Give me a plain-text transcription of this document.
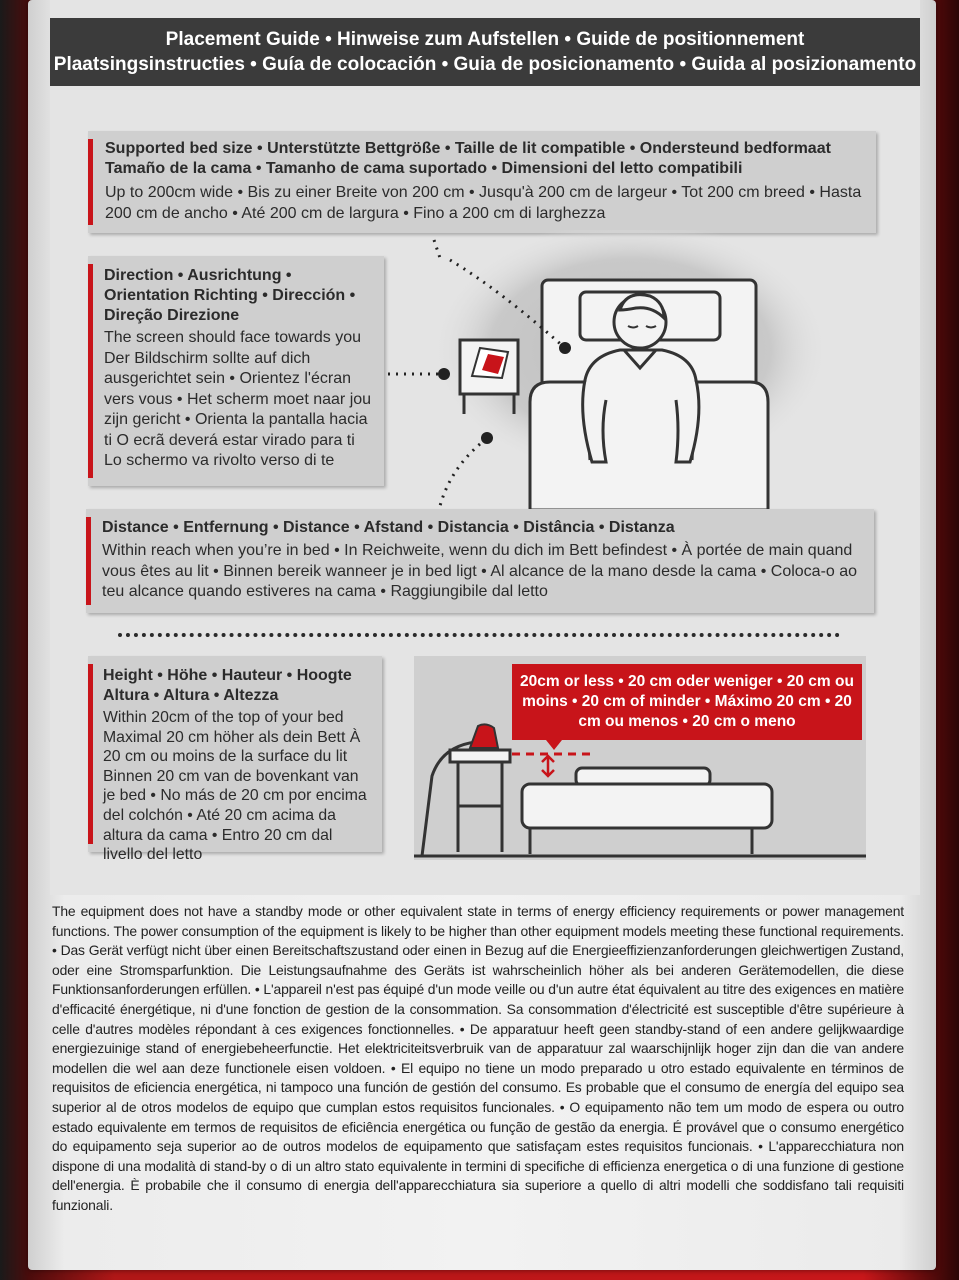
Placement Guide • Hinweise zum Aufstellen • Guide de positionnement
Plaatsingsinstructies • Guía de colocación • Guia de posicionamento • Guida al posizionamento
Supported bed size • Unterstützte Bettgröße • Taille de lit compatible • Ondersteund bedformaat Tamaño de la cama • Tamanho de cama suportado • Dimensioni del letto compatibili
Up to 200cm wide • Bis zu einer Breite von 200 cm • Jusqu'à 200 cm de largeur • Tot 200 cm breed • Hasta 200 cm de ancho • Até 200 cm de largura • Fino a 200 cm di larghezza
Direction • Ausrichtung • Orientation Richting • Dirección • Direção Direzione
The screen should face towards you Der Bildschirm sollte auf dich ausgerichtet sein • Orientez l'écran vers vous • Het scherm moet naar jou zijn gericht • Orienta la pantalla hacia ti O ecrã deverá estar virado para ti Lo schermo va rivolto verso di te
Distance • Entfernung • Distance • Afstand • Distancia • Distância • Distanza
Within reach when you’re in bed • In Reichweite, wenn du dich im Bett befindest • À portée de main quand vous êtes au lit • Binnen bereik wanneer je in bed ligt • Al alcance de la mano desde la cama • Coloca-o ao teu alcance quando estiveres na cama • Raggiungibile dal letto
Height • Höhe • Hauteur • Hoogte Altura • Altura • Altezza
Within 20cm of the top of your bed Maximal 20 cm höher als dein Bett À 20 cm ou moins de la surface du lit Binnen 20 cm van de bovenkant van je bed • No más de 20 cm por encima del colchón • Até 20 cm acima da altura da cama • Entro 20 cm dal livello del letto
20cm or less • 20 cm oder weniger • 20 cm ou moins • 20 cm of minder • Máximo 20 cm • 20 cm ou menos • 20 cm o meno
The equipment does not have a standby mode or other equivalent state in terms of energy efficiency requirements or power management functions. The power consumption of the equipment is likely to be higher than other equipment models meeting these functional requirements. • Das Gerät verfügt nicht über einen Bereitschaftszustand oder einen in Bezug auf die Energieeffizienzanforderungen gleichwertigen Zustand, oder eine Stromsparfunktion. Die Leistungsaufnahme des Geräts ist wahrscheinlich höher als bei anderen Gerätemodellen, die diese Funktionsanforderungen erfüllen. • L'appareil n'est pas équipé d'un mode veille ou d'un autre état équivalent au titre des exigences en matière d'efficacité énergétique, ni d'une fonction de gestion de la consommation. Sa consommation d'électricité est susceptible d'être supérieure à celle d'autres modèles répondant à ces exigences fonctionnelles. • De apparatuur heeft geen standby-stand of een andere gelijkwaardige energiezuinige stand of energiebeheerfunctie. Het elektriciteitsverbruik van de apparatuur zal waarschijnlijk hoger zijn dan die van andere modellen die wel aan deze functionele eisen voldoen. • El equipo no tiene un modo preparado u otro estado equivalente en términos de requisitos de eficiencia energética, ni tampoco una función de gestión del consumo. Es probable que el consumo de energía del equipo sea superior al de otros modelos de equipo que cumplan estos requisitos funcionales. • O equipamento não tem um modo de espera ou outro estado equivalente em termos de requisitos de eficiência energética ou função de gestão da energia. É provável que o consumo energético do equipamento seja superior ao de outros modelos de equipamento que satisfaçam estes requisitos funcionais. • L'apparecchiatura non dispone di una modalità di stand-by o di un altro stato equivalente in termini di specifiche di efficienza energetica o di una funzione di gestione dell'energia. È probabile che il consumo di energia dell'apparecchiatura sia superiore a quello di altri modelli che soddisfano tali requisiti funzionali.
